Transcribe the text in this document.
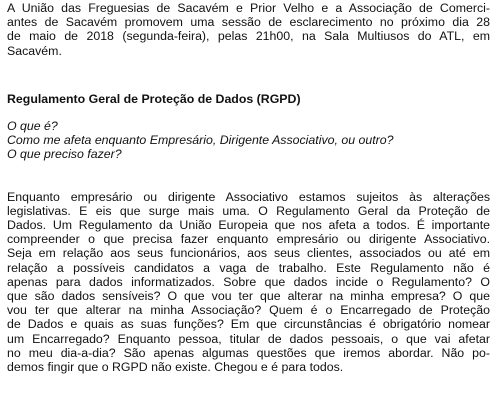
A União das Freguesias de Sacavém e Prior Velho e a Associação de Comerci-
antes de Sacavém promovem uma sessão de esclarecimento no próximo dia 28
de maio de 2018 (segunda-feira), pelas 21h00, na Sala Multiusos do ATL, em
Sacavém.

Regulamento Geral de Proteção de Dados (RGPD)

O que é?
Como me afeta enquanto Empresário, Dirigente Associativo, ou outro?
O que preciso fazer?

Enquanto empresário ou dirigente Associativo estamos sujeitos às alterações
legislativas. E eis que surge mais uma. O Regulamento Geral da Proteção de
Dados. Um Regulamento da União Europeia que nos afeta a todos. É importante
compreender o que precisa fazer enquanto empresário ou dirigente Associativo.
Seja em relação aos seus funcionários, aos seus clientes, associados ou até em
relação a possíveis candidatos a vaga de trabalho. Este Regulamento não é
apenas para dados informatizados. Sobre que dados incide o Regulamento? O
que são dados sensíveis? O que vou ter que alterar na minha empresa? O que
vou ter que alterar na minha Associação? Quem é o Encarregado de Proteção
de Dados e quais as suas funções? Em que circunstâncias é obrigatório nomear
um Encarregado? Enquanto pessoa, titular de dados pessoais, o que vai afetar
no meu dia-a-dia? São apenas algumas questões que iremos abordar. Não po-
demos fingir que o RGPD não existe. Chegou e é para todos.
